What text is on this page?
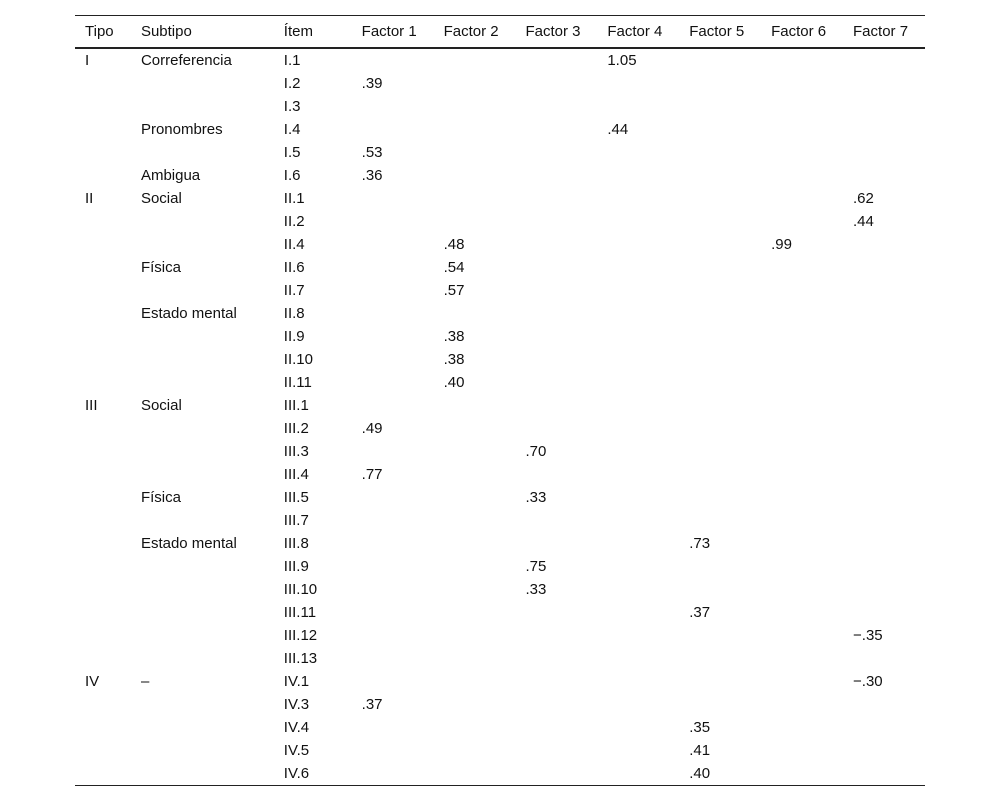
Tipo	Subtipo	Ítem	Factor 1	Factor 2	Factor 3	Factor 4	Factor 5	Factor 6	Factor 7
I	Correferencia	I.1				1.05			
		I.2	.39						
		I.3							
	Pronombres	I.4				.44			
		I.5	.53						
	Ambigua	I.6	.36						
II	Social	II.1							.62
		II.2							.44
		II.4		.48				.99	
	Física	II.6		.54					
		II.7		.57					
	Estado mental	II.8							
		II.9		.38					
		II.10		.38					
		II.11		.40					
III	Social	III.1							
		III.2	.49						
		III.3			.70				
		III.4	.77						
	Física	III.5			.33				
		III.7							
	Estado mental	III.8					.73		
		III.9			.75				
		III.10			.33				
		III.11					.37		
		III.12							−.35
		III.13							
IV	–	IV.1							−.30
		IV.3	.37						
		IV.4					.35		
		IV.5					.41		
		IV.6					.40		
